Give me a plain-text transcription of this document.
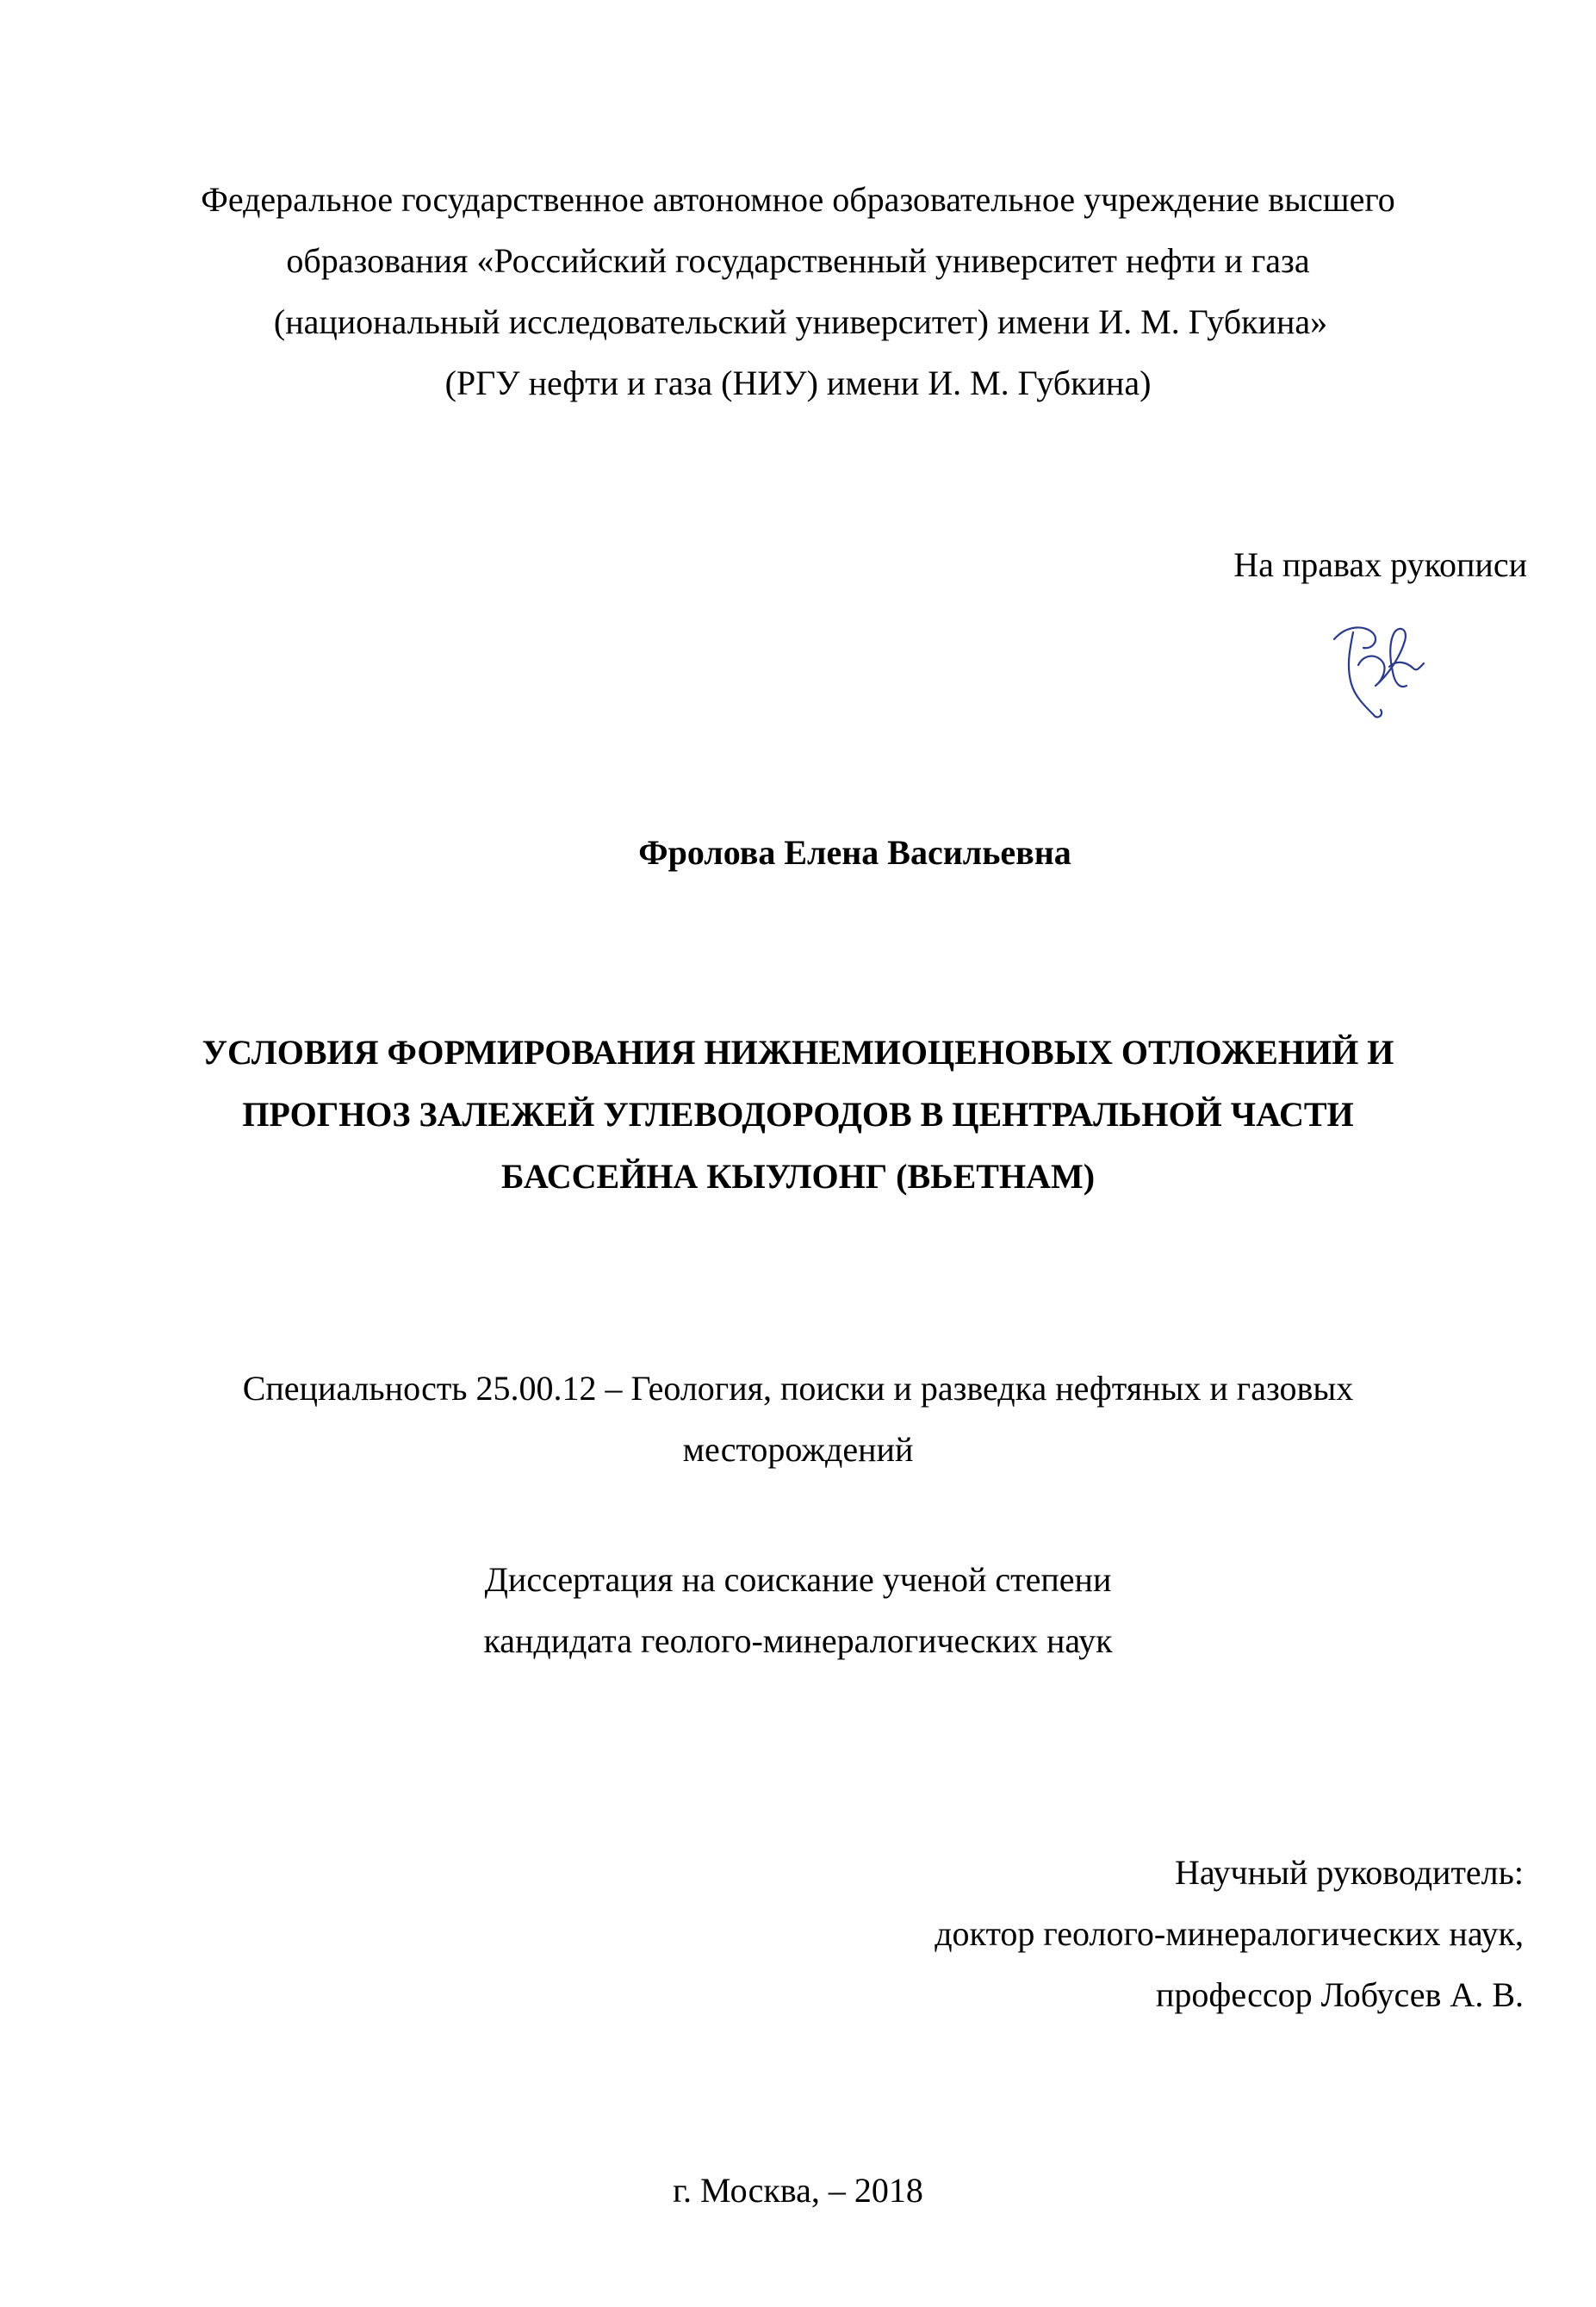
Федеральное государственное автономное образовательное учреждение высшего
образования «Российский государственный университет нефти и газа
(национальный исследовательский университет) имени И. М. Губкина»
(РГУ нефти и газа (НИУ) имени И. М. Губкина)
На правах рукописи
Фролова Елена Васильевна
УСЛОВИЯ ФОРМИРОВАНИЯ НИЖНЕМИОЦЕНОВЫХ ОТЛОЖЕНИЙ И
ПРОГНОЗ ЗАЛЕЖЕЙ УГЛЕВОДОРОДОВ В ЦЕНТРАЛЬНОЙ ЧАСТИ
БАССЕЙНА КЫУЛОНГ (ВЬЕТНАМ)
Специальность 25.00.12 – Геология, поиски и разведка нефтяных и газовых
месторождений
Диссертация на соискание ученой степени
кандидата геолого-минералогических наук
Научный руководитель:
доктор геолого-минералогических наук,
профессор Лобусев А. В.
г. Москва, – 2018
